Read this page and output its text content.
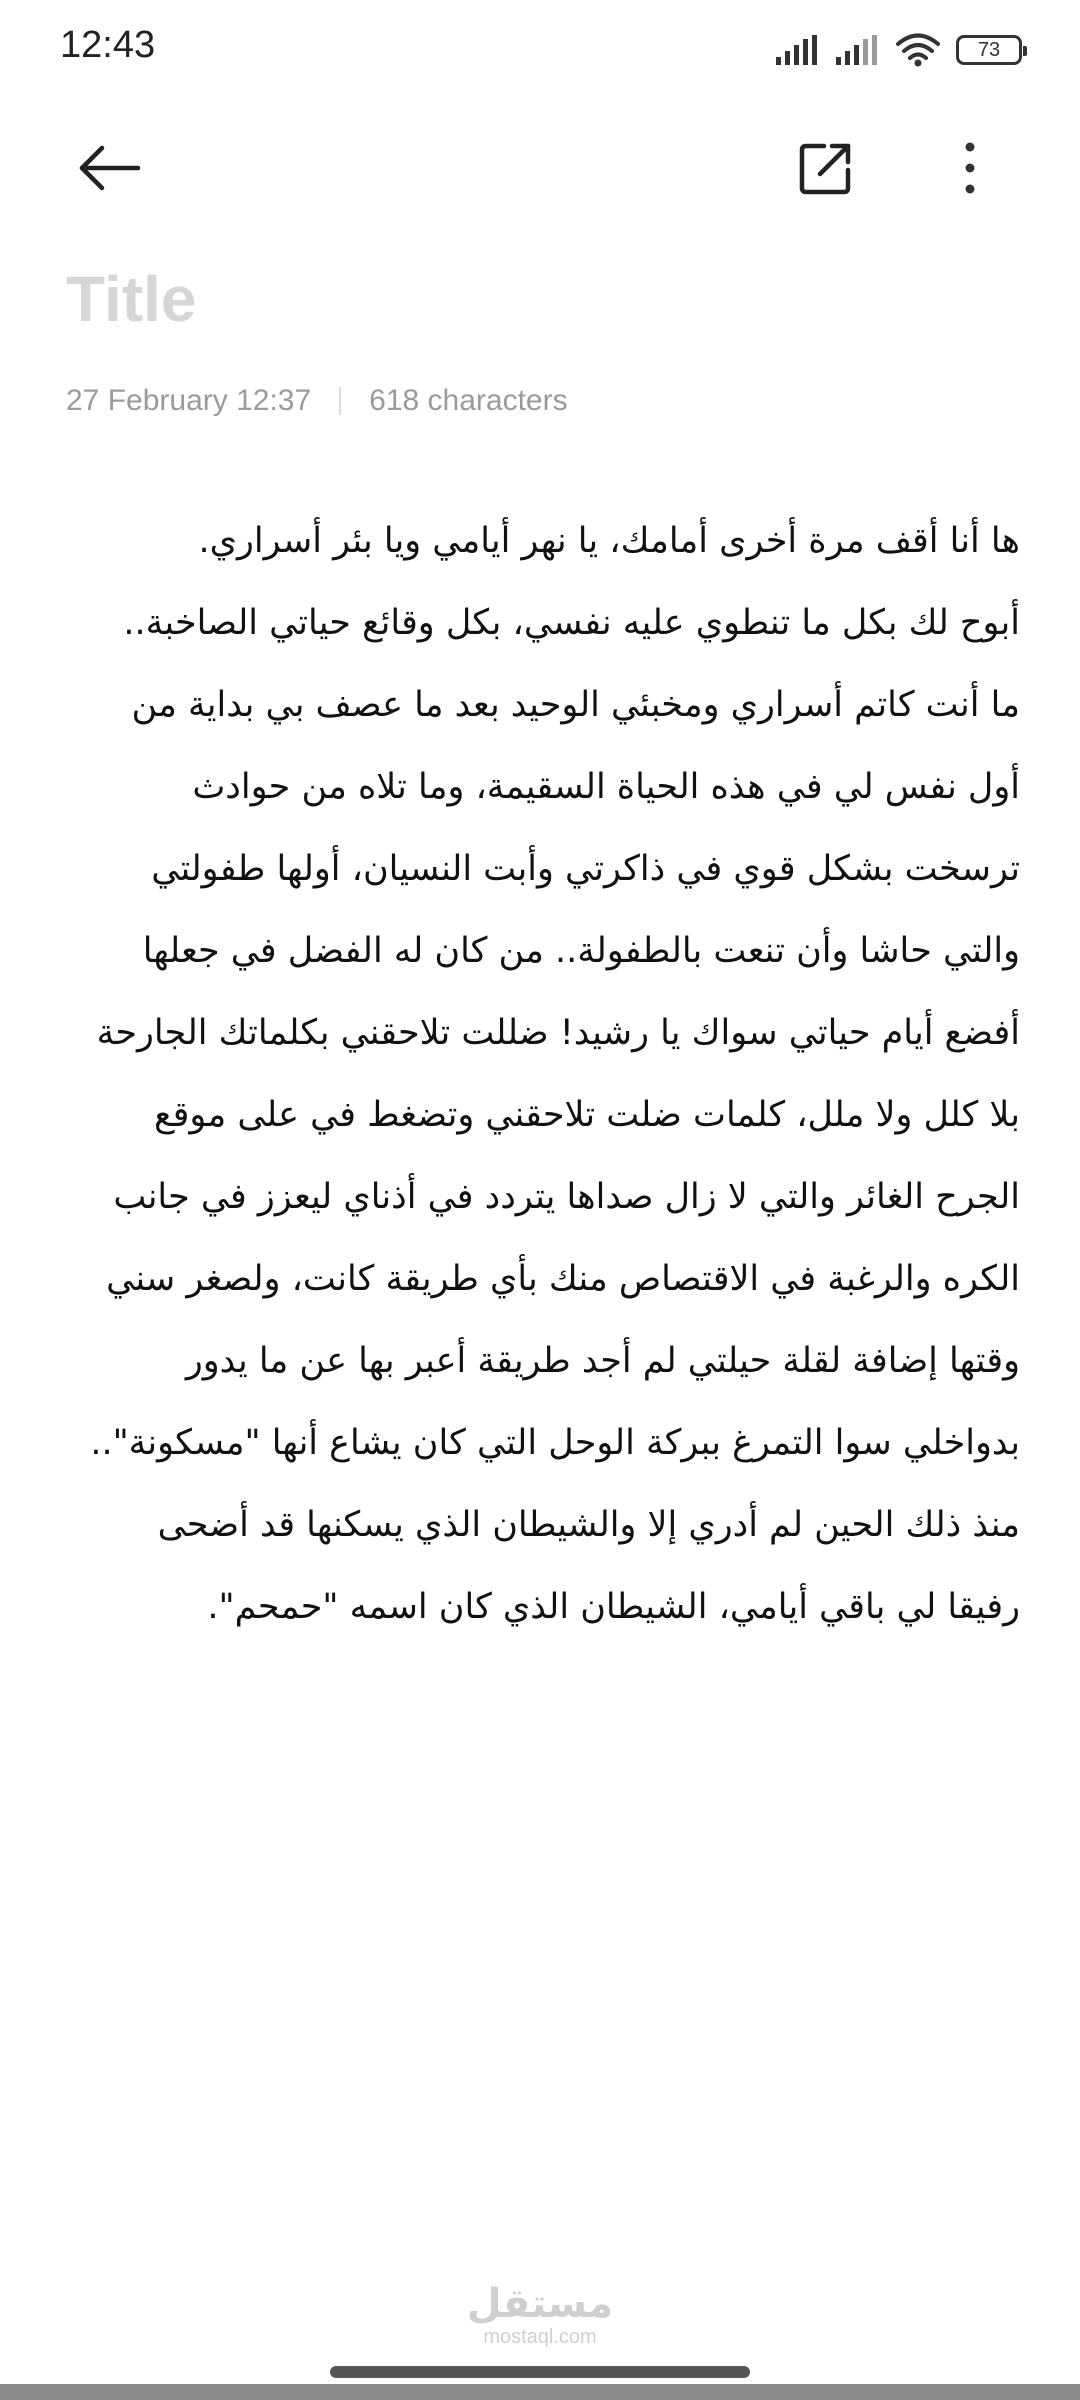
12:43	73
Title
27 February 12:37 618 characters
ها أنا أقف مرة أخرى أمامك، يا نهر أيامي ويا بئر أسراري.
أبوح لك بكل ما تنطوي عليه نفسي، بكل وقائع حياتي الصاخبة.. ما أنت كاتم أسراري ومخبئي الوحيد بعد ما عصف بي بداية من أول نفس لي في هذه الحياة السقيمة، وما تلاه من حوادث ترسخت بشكل قوي في ذاكرتي وأبت النسيان، أولها طفولتي والتي حاشا وأن تنعت بالطفولة.. من كان له الفضل في جعلها أفضع أيام حياتي سواك يا رشيد! ضللت تلاحقني بكلماتك الجارحة بلا كلل ولا ملل، كلمات ضلت تلاحقني وتضغط في على موقع الجرح الغائر والتي لا زال صداها يتردد في أذناي ليعزز في جانب الكره والرغبة في الاقتصاص منك بأي طريقة كانت، ولصغر سني وقتها إضافة لقلة حيلتي لم أجد طريقة أعبر بها عن ما يدور بدواخلي سوا التمرغ ببركة الوحل التي كان يشاع أنها "مسكونة".. منذ ذلك الحين لم أدري إلا والشيطان الذي يسكنها قد أضحى رفيقا لي باقي أيامي، الشيطان الذي كان اسمه "حمحم".
مستقل
mostaql.com
